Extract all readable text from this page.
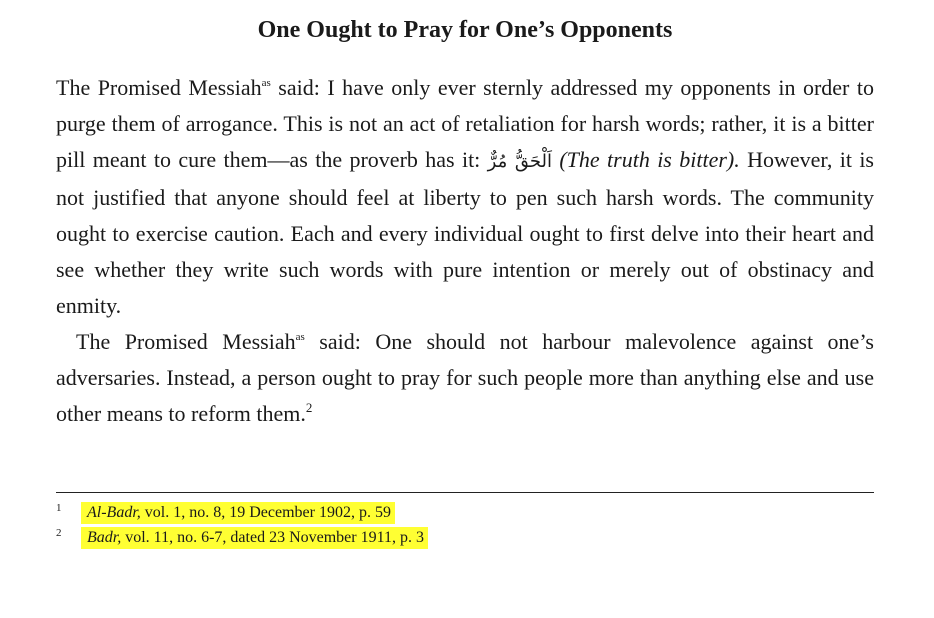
One Ought to Pray for One’s Opponents

The Promised Messiah$^{as}$ said: I have only ever sternly addressed my opponents in order to purge them of arrogance. This is not an act of retaliation for harsh words; rather, it is a bitter pill meant to cure them—as the proverb has it: اَلْحَقُّ مُرٌّ (The truth is bitter). However, it is not justified that anyone should feel at liberty to pen such harsh words. The community ought to exercise caution. Each and every individual ought to first delve into their heart and see whether they write such words with pure intention or merely out of obstinacy and enmity.

The Promised Messiah$^{as}$ said: One should not harbour malevolence against one’s adversaries. Instead, a person ought to pray for such people more than anything else and use other means to reform them.$^2$

1	Al-Badr, vol. 1, no. 8, 19 December 1902, p. 59
2	Badr, vol. 11, no. 6-7, dated 23 November 1911, p. 3
